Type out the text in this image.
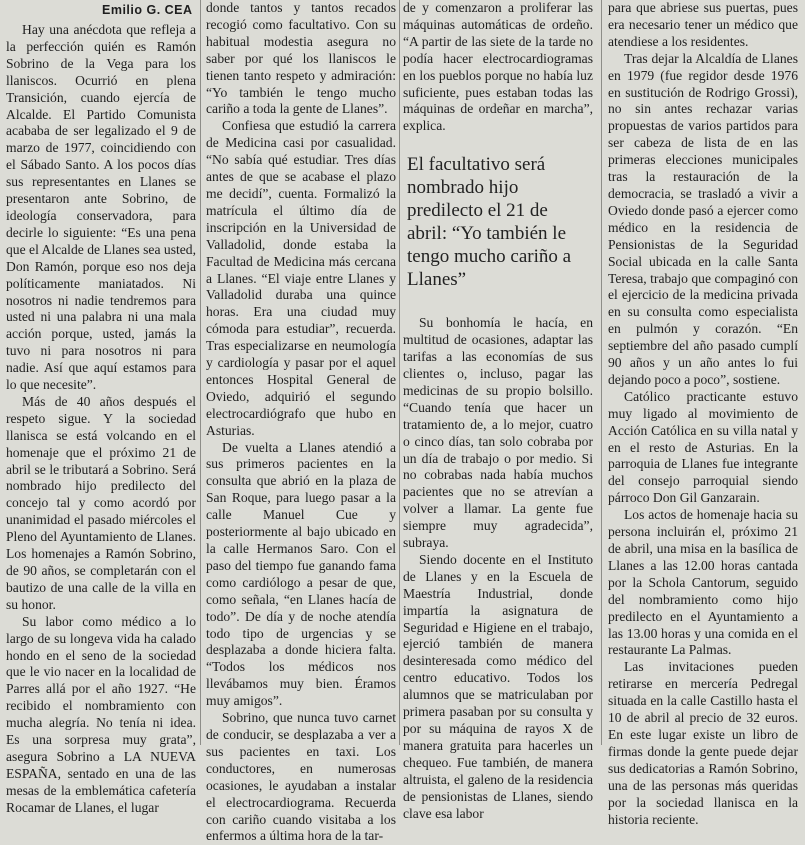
Emilio G. CEA

Hay una anécdota que refleja a la perfección quién es Ramón Sobrino de la Vega para los llaniscos. Ocurrió en plena Transición, cuando ejercía de Alcalde. El Partido Comunista acababa de ser legalizado el 9 de marzo de 1977, coincidiendo con el Sábado Santo. A los pocos días sus representantes en Llanes se presentaron ante Sobrino, de ideología conservadora, para decirle lo siguiente: “Es una pena que el Alcalde de Llanes sea usted, Don Ramón, porque eso nos deja políticamente maniatados. Ni nosotros ni nadie tendremos para usted ni una palabra ni una mala acción porque, usted, jamás la tuvo ni para nosotros ni para nadie. Así que aquí estamos para lo que necesite”.

Más de 40 años después el respeto sigue. Y la sociedad llanisca se está volcando en el homenaje que el próximo 21 de abril se le tributará a Sobrino. Será nombrado hijo predilecto del concejo tal y como acordó por unanimidad el pasado miércoles el Pleno del Ayuntamiento de Llanes. Los homenajes a Ramón Sobrino, de 90 años, se completarán con el bautizo de una calle de la villa en su honor.

Su labor como médico a lo largo de su longeva vida ha calado hondo en el seno de la sociedad que le vio nacer en la localidad de Parres allá por el año 1927. “He recibido el nombramiento con mucha alegría. No tenía ni idea. Es una sorpresa muy grata”, asegura Sobrino a LA NUEVA ESPAÑA, sentado en una de las mesas de la emblemática cafetería Rocamar de Llanes, el lugar

donde tantos y tantos recados recogió como facultativo. Con su habitual modestia asegura no saber por qué los llaniscos le tienen tanto respeto y admiración: “Yo también le tengo mucho cariño a toda la gente de Llanes”.

Confiesa que estudió la carrera de Medicina casi por casualidad. “No sabía qué estudiar. Tres días antes de que se acabase el plazo me decidí”, cuenta. Formalizó la matrícula el último día de inscripción en la Universidad de Valladolid, donde estaba la Facultad de Medicina más cercana a Llanes. “El viaje entre Llanes y Valladolid duraba una quince horas. Era una ciudad muy cómoda para estudiar”, recuerda. Tras especializarse en neumología y cardiología y pasar por el aquel entonces Hospital General de Oviedo, adquirió el segundo electrocardiógrafo que hubo en Asturias.

De vuelta a Llanes atendió a sus primeros pacientes en la consulta que abrió en la plaza de San Roque, para luego pasar a la calle Manuel Cue y posteriormente al bajo ubicado en la calle Hermanos Saro. Con el paso del tiempo fue ganando fama como cardiólogo a pesar de que, como señala, “en Llanes hacía de todo”. De día y de noche atendía todo tipo de urgencias y se desplazaba a donde hiciera falta. “Todos los médicos nos llevábamos muy bien. Éramos muy amigos”.

Sobrino, que nunca tuvo carnet de conducir, se desplazaba a ver a sus pacientes en taxi. Los conductores, en numerosas ocasiones, le ayudaban a instalar el electrocardiograma. Recuerda con cariño cuando visitaba a los enfermos a última hora de la tar-

de y comenzaron a proliferar las máquinas automáticas de ordeño. “A partir de las siete de la tarde no podía hacer electrocardiogramas en los pueblos porque no había luz suficiente, pues estaban todas las máquinas de ordeñar en marcha”, explica.

El facultativo será nombrado hijo predilecto el 21 de abril: “Yo también le tengo mucho cariño a Llanes”

Su bonhomía le hacía, en multitud de ocasiones, adaptar las tarifas a las economías de sus clientes o, incluso, pagar las medicinas de su propio bolsillo. “Cuando tenía que hacer un tratamiento de, a lo mejor, cuatro o cinco días, tan solo cobraba por un día de trabajo o por medio. Si no cobrabas nada había muchos pacientes que no se atrevían a volver a llamar. La gente fue siempre muy agradecida”, subraya.

Siendo docente en el Instituto de Llanes y en la Escuela de Maestría Industrial, donde impartía la asignatura de Seguridad e Higiene en el trabajo, ejerció también de manera desinteresada como médico del centro educativo. Todos los alumnos que se matriculaban por primera pasaban por su consulta y por su máquina de rayos X de manera gratuita para hacerles un chequeo. Fue también, de manera altruista, el galeno de la residencia de pensionistas de Llanes, siendo clave esa labor

para que abriese sus puertas, pues era necesario tener un médico que atendiese a los residentes.

Tras dejar la Alcaldía de Llanes en 1979 (fue regidor desde 1976 en sustitución de Rodrigo Grossi), no sin antes rechazar varias propuestas de varios partidos para ser cabeza de lista de en las primeras elecciones municipales tras la restauración de la democracia, se trasladó a vivir a Oviedo donde pasó a ejercer como médico en la residencia de Pensionistas de la Seguridad Social ubicada en la calle Santa Teresa, trabajo que compaginó con el ejercicio de la medicina privada en su consulta como especialista en pulmón y corazón. “En septiembre del año pasado cumplí 90 años y un año antes lo fui dejando poco a poco”, sostiene.

Católico practicante estuvo muy ligado al movimiento de Acción Católica en su villa natal y en el resto de Asturias. En la parroquia de Llanes fue integrante del consejo parroquial siendo párroco Don Gil Ganzarain.

Los actos de homenaje hacia su persona incluirán el, próximo 21 de abril, una misa en la basílica de Llanes a las 12.00 horas cantada por la Schola Cantorum, seguido del nombramiento como hijo predilecto en el Ayuntamiento a las 13.00 horas y una comida en el restaurante La Palmas.

Las invitaciones pueden retirarse en mercería Pedregal situada en la calle Castillo hasta el 10 de abril al precio de 32 euros. En este lugar existe un libro de firmas donde la gente puede dejar sus dedicatorias a Ramón Sobrino, una de las personas más queridas por la sociedad llanisca en la historia reciente.
